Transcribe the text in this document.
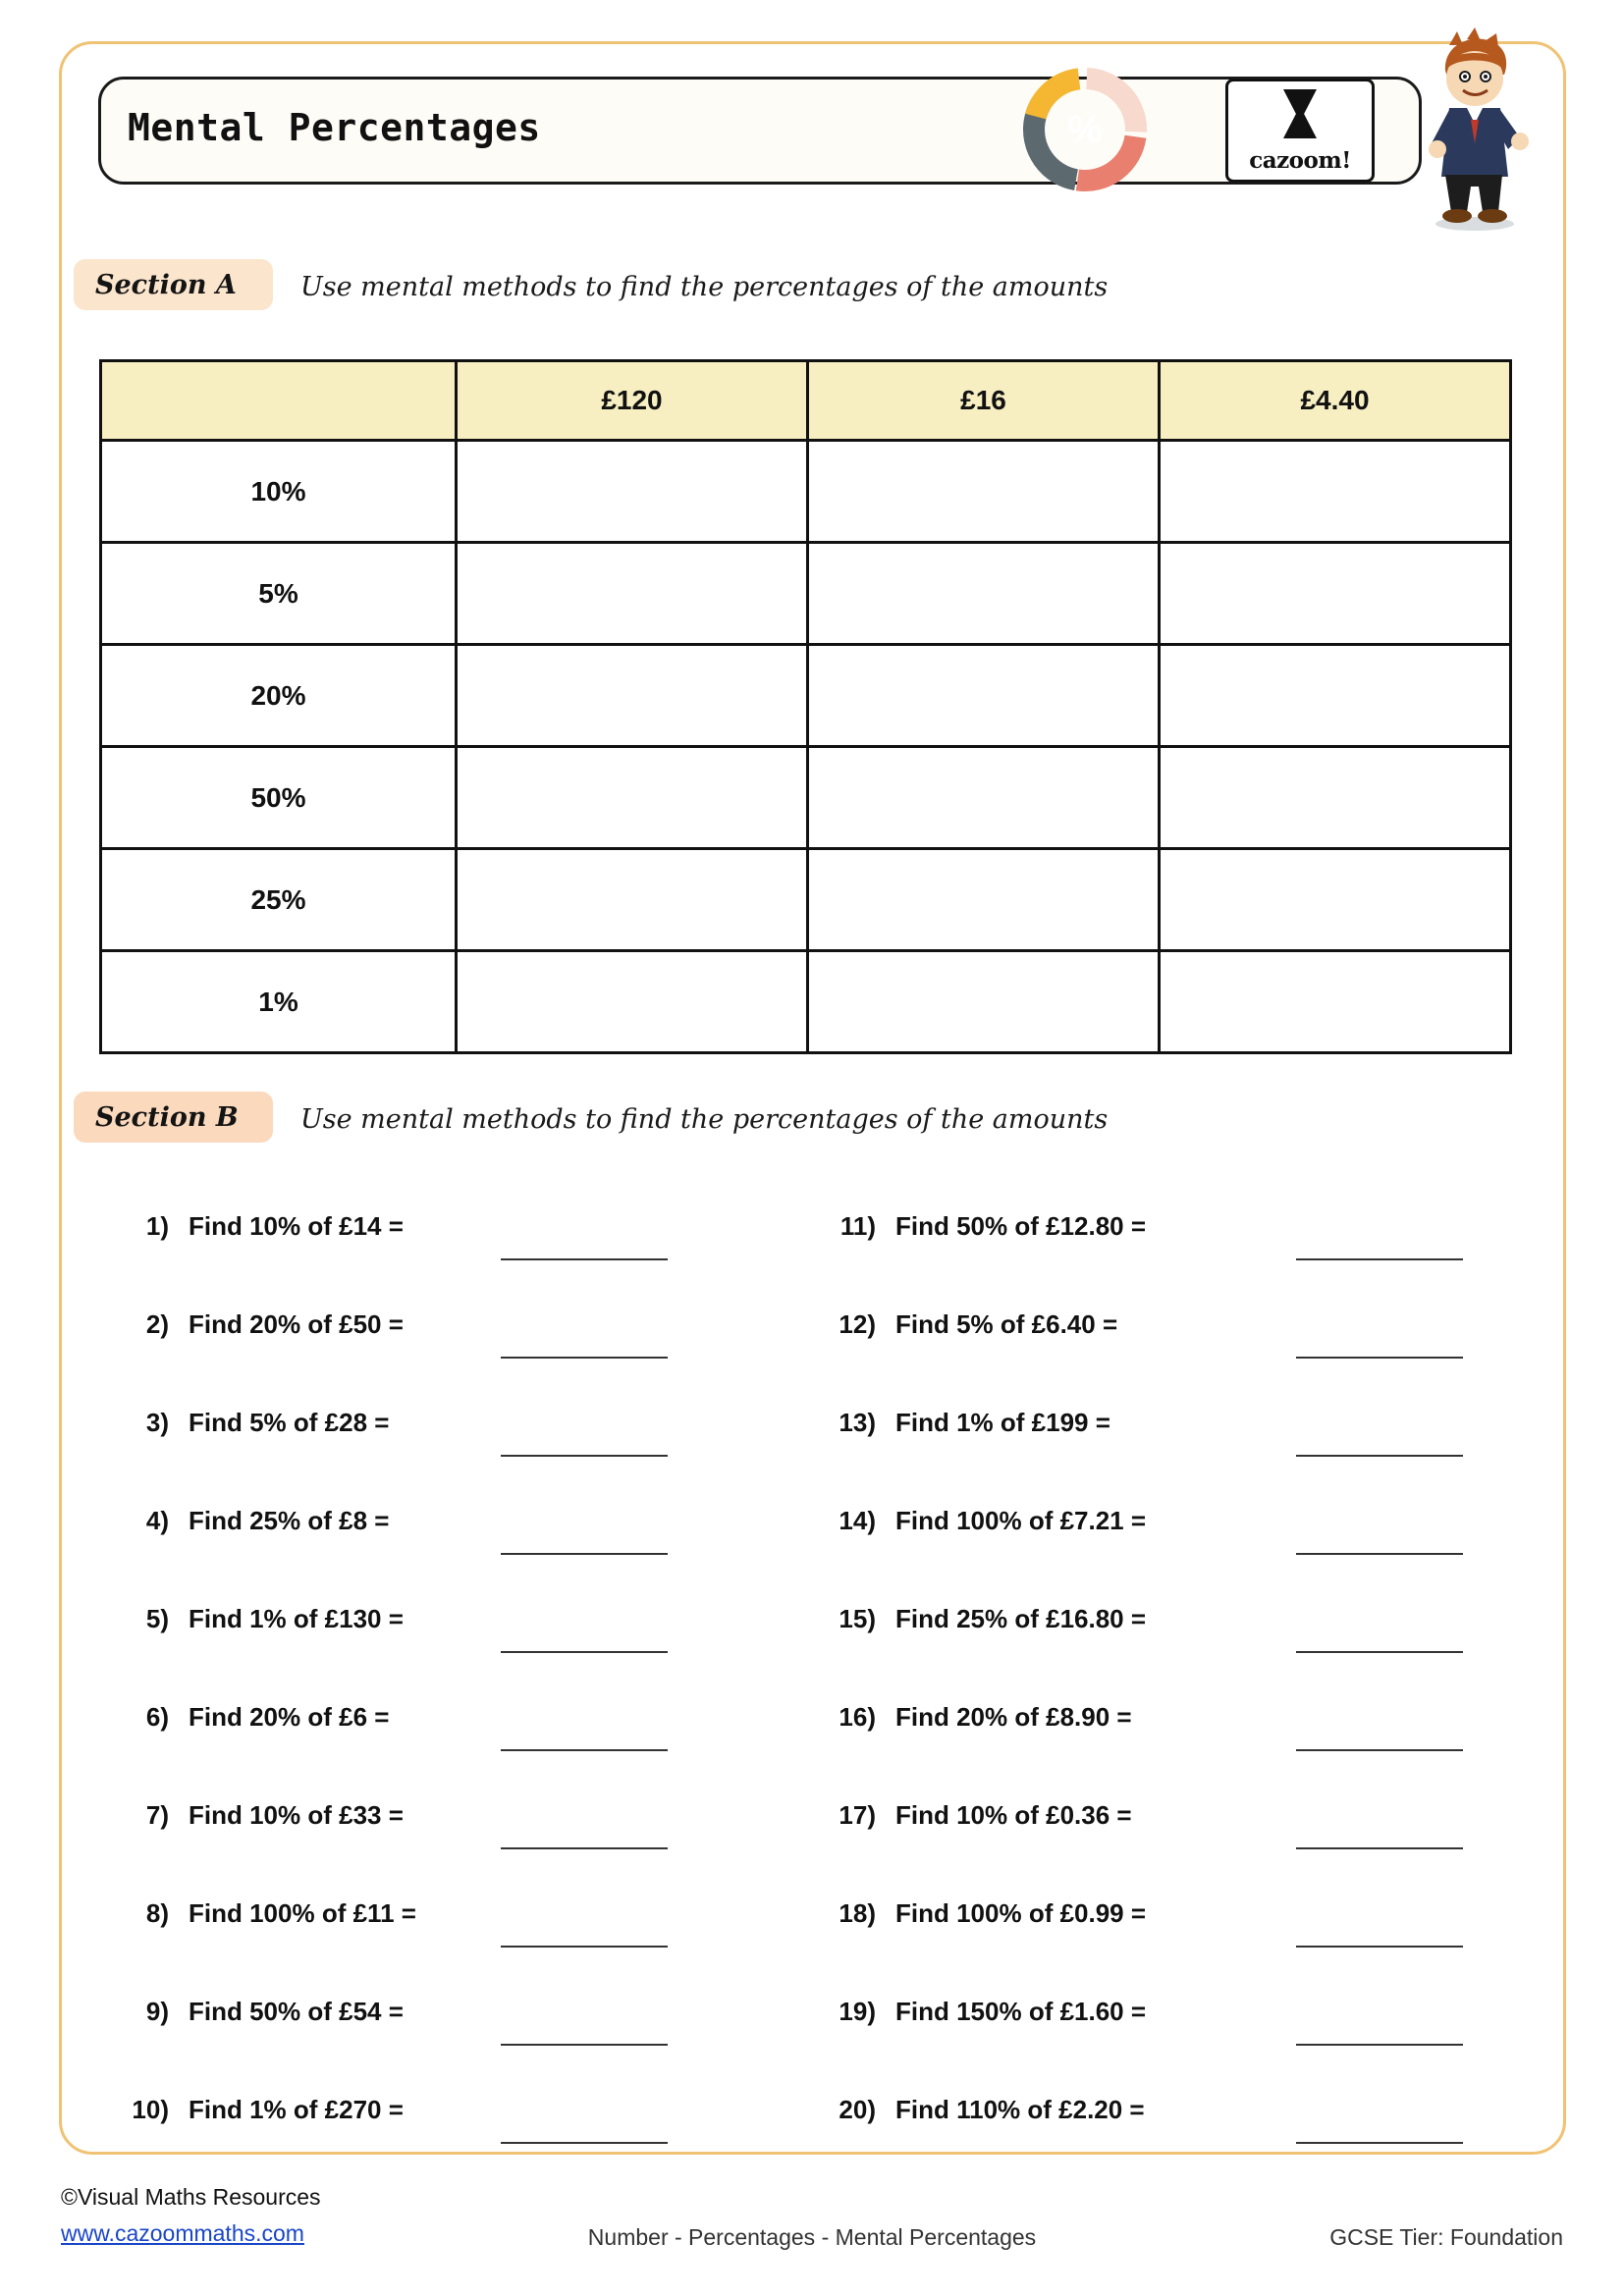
Mental Percentages	%
cazoom!
Section A	Use mental methods to find the percentages of the amounts
	£120	£16	£4.40
10%			
5%			
20%			
50%			
25%			
1%			
Section B	Use mental methods to find the percentages of the amounts
1) Find 10% of £14 =
2) Find 20% of £50 =
3) Find 5% of £28 =
4) Find 25% of £8 =
5) Find 1% of £130 =
6) Find 20% of £6 =
7) Find 10% of £33 =
8) Find 100% of £11 =
9) Find 50% of £54 =
10) Find 1% of £270 =
11) Find 50% of £12.80 =
12) Find 5% of £6.40 =
13) Find 1% of £199 =
14) Find 100% of £7.21 =
15) Find 25% of £16.80 =
16) Find 20% of £8.90 =
17) Find 10% of £0.36 =
18) Find 100% of £0.99 =
19) Find 150% of £1.60 =
20) Find 110% of £2.20 =
©Visual Maths Resources
www.cazoommaths.com	Number - Percentages - Mental Percentages	GCSE Tier: Foundation
